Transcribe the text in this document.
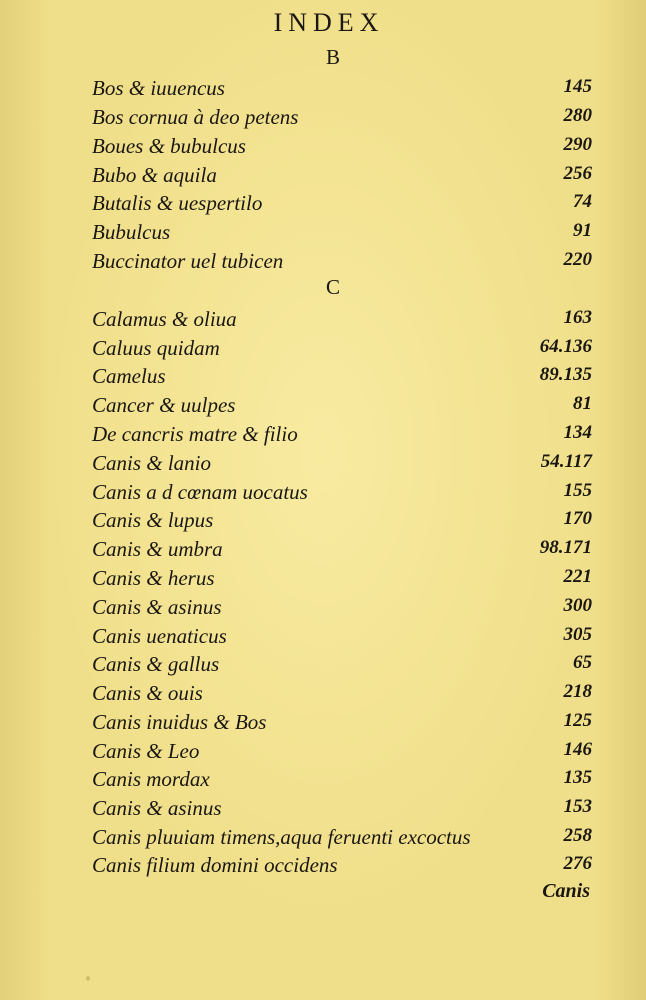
INDEX
B
Bos & iuuencus	145
Bos cornua à deo petens	280
Boues & bubulcus	290
Bubo & aquila	256
Butalis & uespertilo	74
Bubulcus	91
Buccinator uel tubicen	220
C
Calamus & oliua	163
Caluus quidam	64.136
Camelus	89.135
Cancer & uulpes	81
De cancris matre & filio	134
Canis & lanio	54.117
Canis a d cœnam uocatus	155
Canis & lupus	170
Canis & umbra	98.171
Canis & herus	221
Canis & asinus	300
Canis uenaticus	305
Canis & gallus	65
Canis & ouis	218
Canis inuidus & Bos	125
Canis & Leo	146
Canis mordax	135
Canis & asinus	153
Canis pluuiam timens,aqua feruenti excoctus	258
Canis filium domini occidens	276
Canis
